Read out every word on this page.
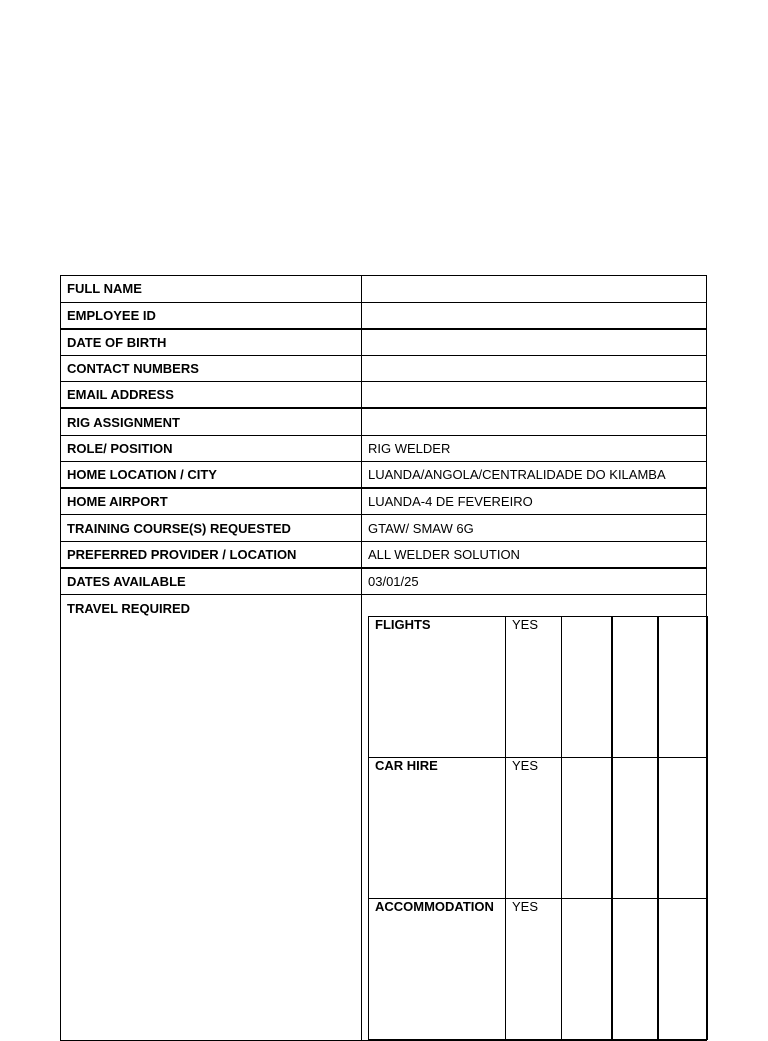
FULL NAME	
EMPLOYEE ID	
DATE OF BIRTH	
CONTACT NUMBERS	
EMAIL ADDRESS	
RIG ASSIGNMENT	
ROLE/ POSITION	RIG WELDER
HOME LOCATION / CITY	LUANDA/ANGOLA/CENTRALIDADE DO KILAMBA
HOME AIRPORT	LUANDA-4 DE FEVEREIRO
TRAINING COURSE(S) REQUESTED	GTAW/ SMAW 6G
PREFERRED PROVIDER / LOCATION	ALL WELDER SOLUTION
DATES AVAILABLE	03/01/25
TRAVEL REQUIRED	
FLIGHTS	YES			
CAR HIRE	YES			
ACCOMMODATION	YES			
